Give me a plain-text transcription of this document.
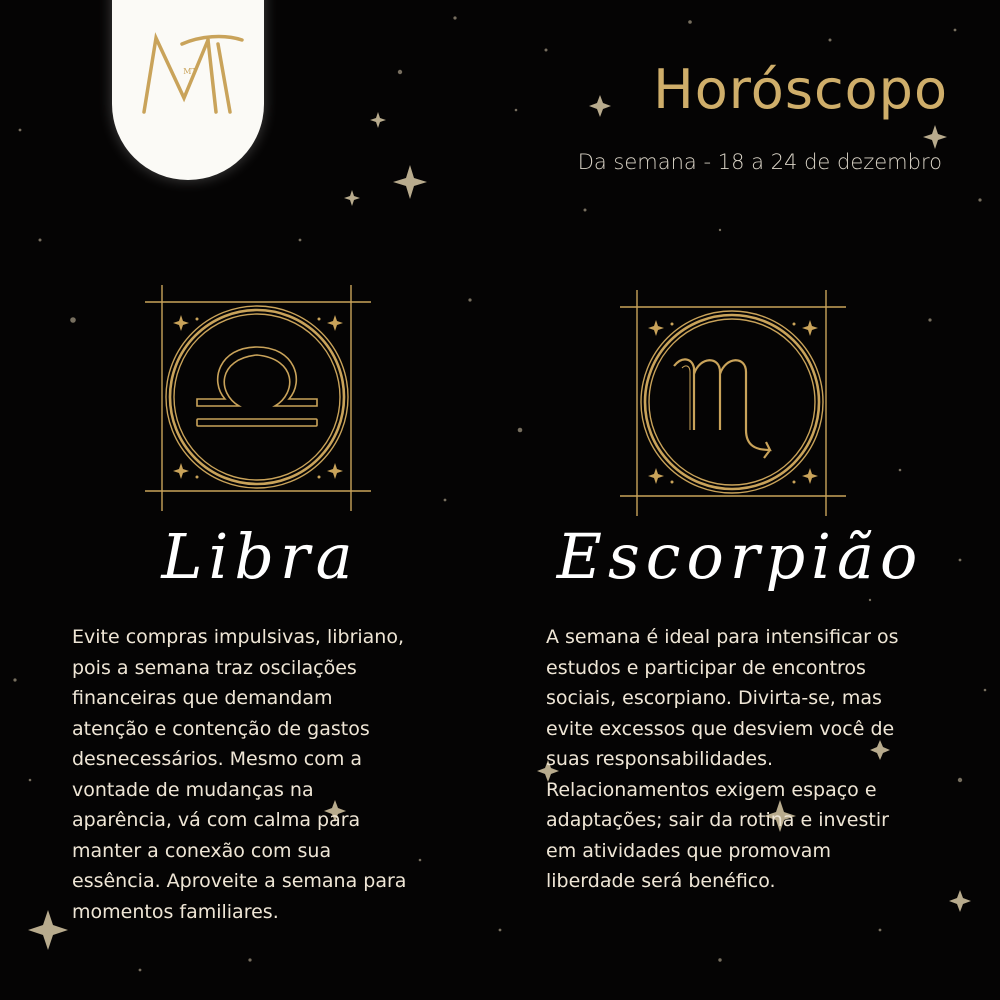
MT	Horóscopo
Da semana - 18 a 24 de dezembro
Libra	Escorpião
Evite compras impulsivas, libriano,
pois a semana traz oscilações
financeiras que demandam
atenção e contenção de gastos
desnecessários. Mesmo com a
vontade de mudanças na
aparência, vá com calma para
manter a conexão com sua
essência. Aproveite a semana para
momentos familiares.
A semana é ideal para intensificar os
estudos e participar de encontros
sociais, escorpiano. Divirta-se, mas
evite excessos que desviem você de
suas responsabilidades.
Relacionamentos exigem espaço e
adaptações; sair da rotina e investir
em atividades que promovam
liberdade será benéfico.
